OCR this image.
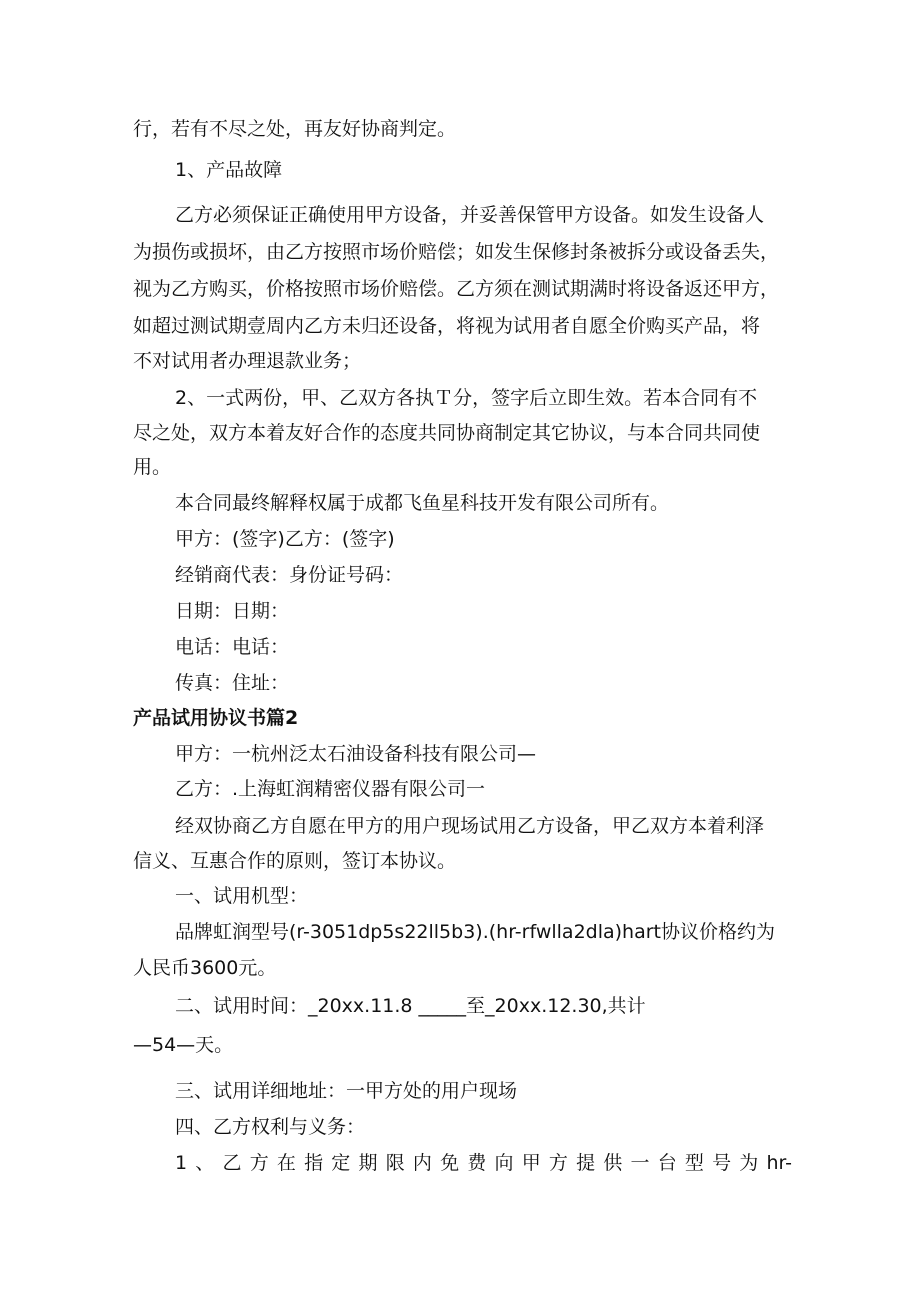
行，若有不尽之处，再友好协商判定。
1、产品故障
乙方必须保证正确使用甲方设备，并妥善保管甲方设备。如发生设备人
为损伤或损坏，由乙方按照市场价赔偿；如发生保修封条被拆分或设备丢失，
视为乙方购买，价格按照市场价赔偿。乙方须在测试期满时将设备返还甲方，
如超过测试期壹周内乙方未归还设备，将视为试用者自愿全价购买产品，将
不对试用者办理退款业务；
2、一式两份，甲、乙双方各执Ｔ分，签字后立即生效。若本合同有不
尽之处，双方本着友好合作的态度共同协商制定其它协议，与本合同共同使
用。
本合同最终解释权属于成都飞鱼星科技开发有限公司所有。
甲方：(签字)乙方：(签字)
经销商代表：身份证号码：
日期：日期：
电话：电话：
传真：住址：
产品试用协议书篇2
甲方：一杭州泛太石油设备科技有限公司—
乙方：.上海虹润精密仪器有限公司一
经双协商乙方自愿在甲方的用户现场试用乙方设备，甲乙双方本着利泽
信义、互惠合作的原则，签订本协议。
一、试用机型：
品牌虹润型号(r-3051dp5s22ll5b3).(hr-rfwlla2dla)hart协议价格约为
人民币3600元。
二、试用时间：_20xx.11.8 _____至_20xx.12.30,共计
—54—天。
三、试用详细地址：一甲方处的用户现场
四、乙方权利与义务：
1、乙方在指定期限内免费向甲方提供一台型号为hr-
